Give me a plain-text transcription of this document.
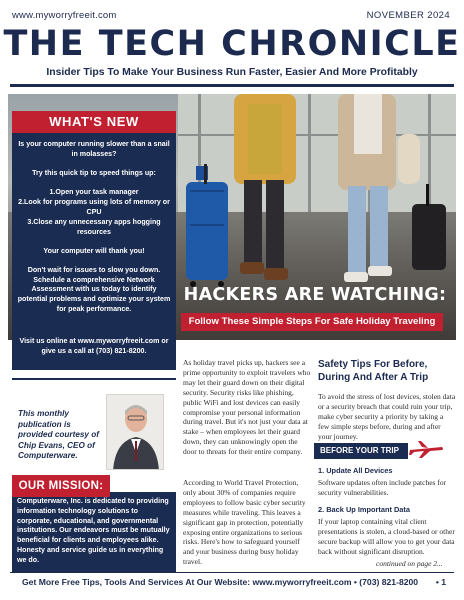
www.myworryfreeit.com	NOVEMBER 2024
THE TECH CHRONICLE
Insider Tips To Make Your Business Run Faster, Easier And More Profitably
HACKERS ARE WATCHING:
Follow These Simple Steps For Safe Holiday Traveling
WHAT'S NEW
Is your computer running slower than a snail in molasses?
Try this quick tip to speed things up:
1.Open your task manager
2.Look for programs using lots of memory or CPU
3.Close any unnecessary apps hogging resources
Your computer will thank you!
Don't wait for issues to slow you down. Schedule a comprehensive Network Assessment with us today to identify potential problems and optimize your system for peak performance.
Visit us online at www.myworryfreeit.com or give us a call at (703) 821-8200.
This monthly publication is provided courtesy of Chip Evans, CEO of Computerware.
OUR MISSION:
Computerware, Inc. is dedicated to providing information technology solutions to corporate, educational, and governmental institutions. Our endeavors must be mutually beneficial for clients and employees alike. Honesty and service guide us in everything we do.
As holiday travel picks up, hackers see a prime opportunity to exploit travelers who may let their guard down on their digital security. Security risks like phishing, public WiFi and lost devices can easily compromise your personal information during travel. But it's not just your data at stake – when employees let their guard down, they can unknowingly open the door to threats for their entire company.
According to World Travel Protection, only about 30% of companies require employees to follow basic cyber security measures while traveling. This leaves a significant gap in protection, potentially exposing entire organizations to serious risks. Here's how to safeguard yourself and your business during busy holiday travel.
Safety Tips For Before, During And After A Trip
To avoid the stress of lost devices, stolen data or a security breach that could ruin your trip, make cyber security a priority by taking a few simple steps before, during and after your journey.
BEFORE YOUR TRIP
1. Update All Devices
Software updates often include patches for security vulnerabilities.
2. Back Up Important Data
If your laptop containing vital client presentations is stolen, a cloud-based or other secure backup will allow you to get your data back without significant disruption.
continued on page 2...
Get More Free Tips, Tools And Services At Our Website: www.myworryfreeit.com • (703) 821-8200 • 1
